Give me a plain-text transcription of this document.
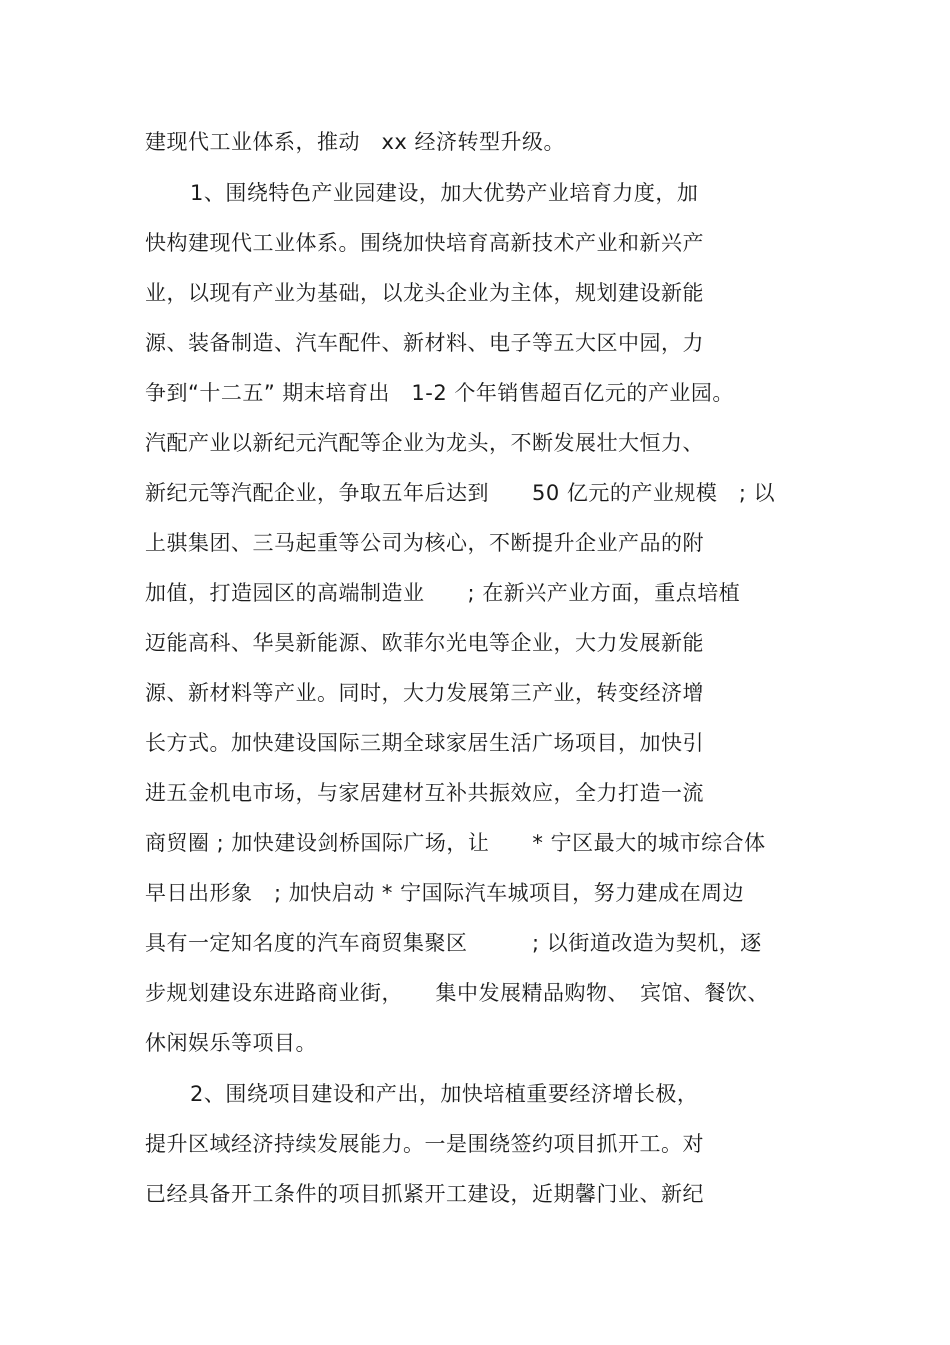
建现代工业体系，推动　xx 经济转型升级。
1、围绕特色产业园建设，加大优势产业培育力度，加
快构建现代工业体系。围绕加快培育高新技术产业和新兴产
业，以现有产业为基础，以龙头企业为主体，规划建设新能
源、装备制造、汽车配件、新材料、电子等五大区中园，力
争到“十二五” 期末培育出　1-2 个年销售超百亿元的产业园。
汽配产业以新纪元汽配等企业为龙头，不断发展壮大恒力、
新纪元等汽配企业，争取五年后达到　　50 亿元的产业规模　; 以
上骐集团、三马起重等公司为核心，不断提升企业产品的附
加值，打造园区的高端制造业　　; 在新兴产业方面，重点培植
迈能高科、华昊新能源、欧菲尔光电等企业，大力发展新能
源、新材料等产业。同时，大力发展第三产业，转变经济增
长方式。加快建设国际三期全球家居生活广场项目，加快引
进五金机电市场，与家居建材互补共振效应，全力打造一流
商贸圈 ; 加快建设剑桥国际广场，让　　* 宁区最大的城市综合体
早日出形象　; 加快启动 * 宁国际汽车城项目，努力建成在周边
具有一定知名度的汽车商贸集聚区　　　; 以街道改造为契机，逐
步规划建设东进路商业街，　　集中发展精品购物、　宾馆、餐饮、
休闲娱乐等项目。
2、围绕项目建设和产出，加快培植重要经济增长极，
提升区域经济持续发展能力。一是围绕签约项目抓开工。对
已经具备开工条件的项目抓紧开工建设，近期馨门业、新纪
